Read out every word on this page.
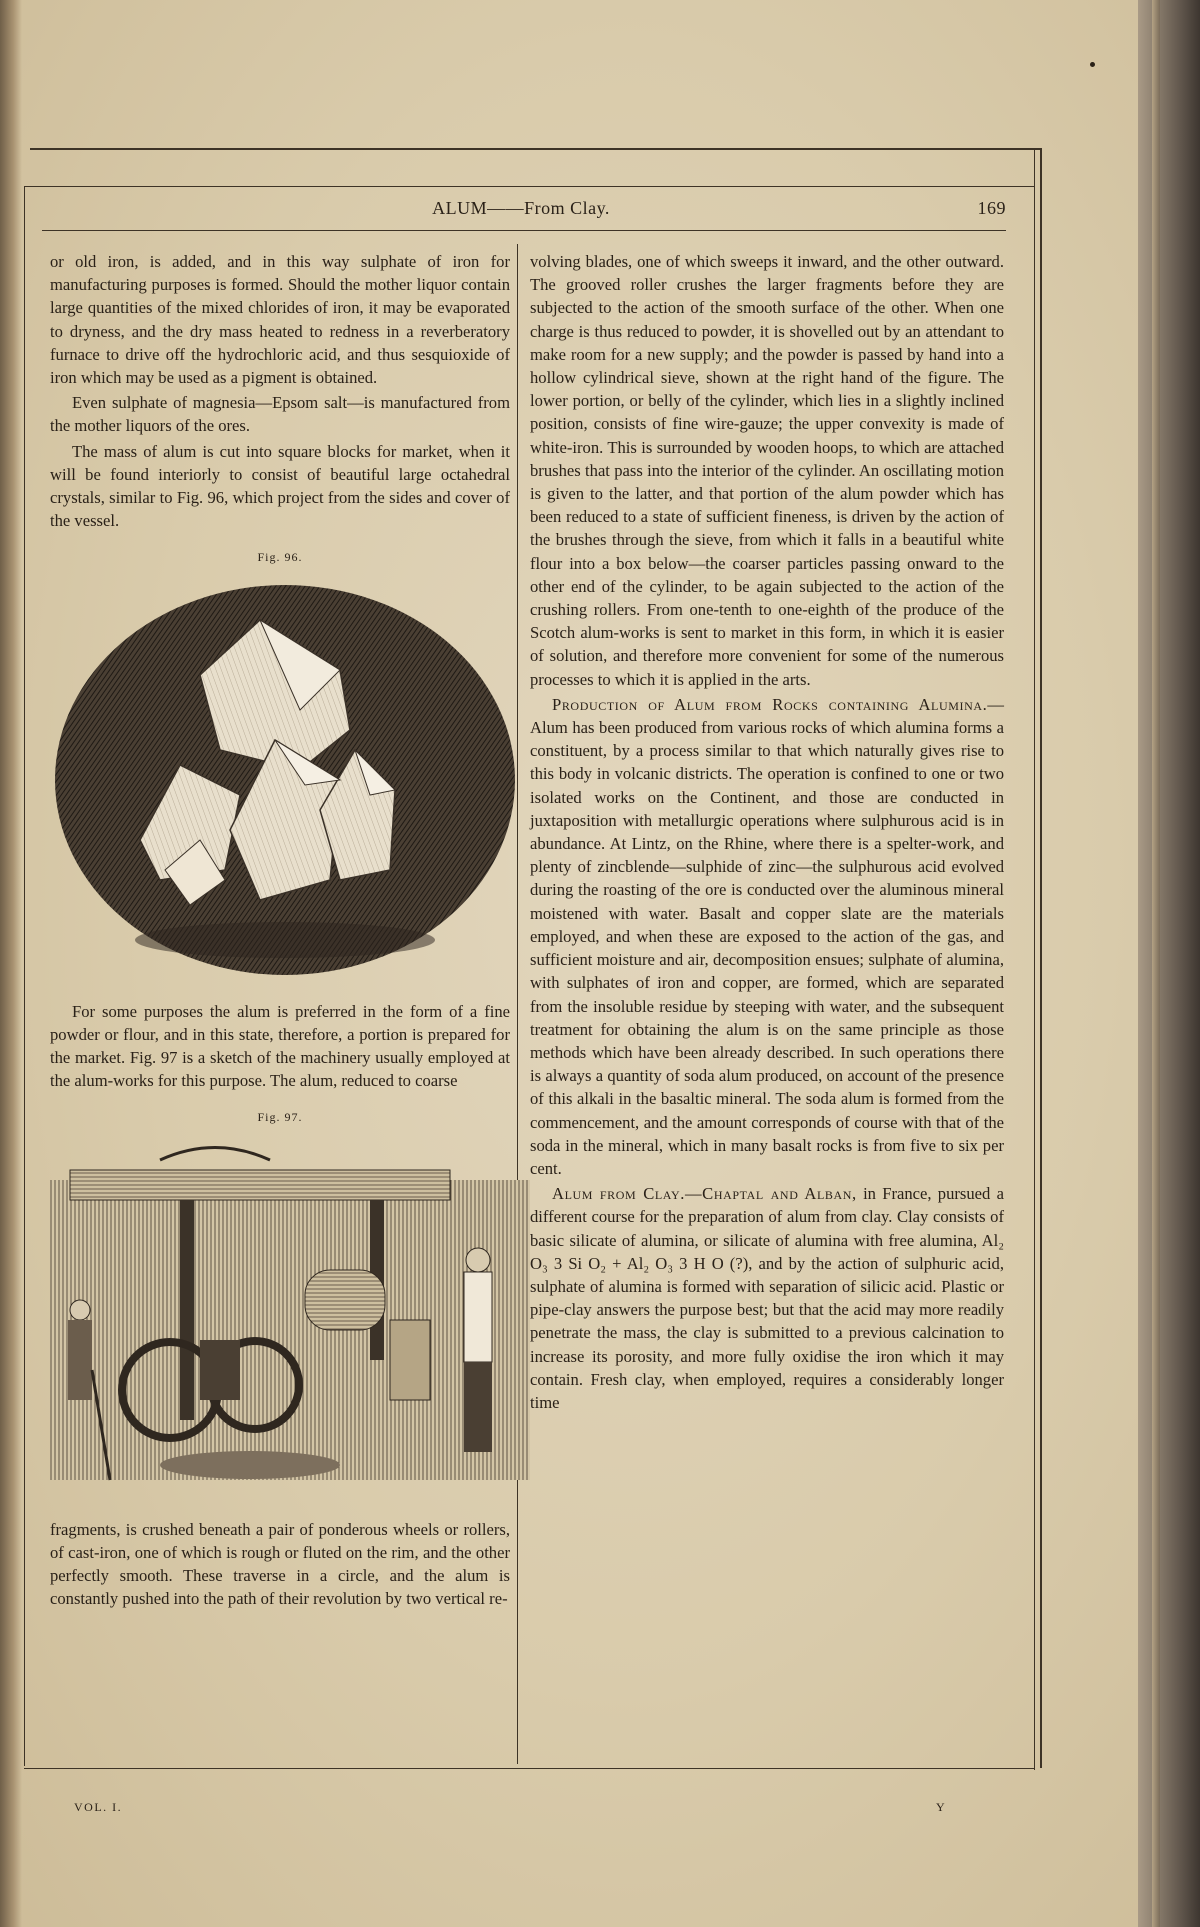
ALUM——From Clay.	169

or old iron, is added, and in this way sulphate of iron for manufacturing purposes is formed. Should the mother liquor contain large quantities of the mixed chlorides of iron, it may be evaporated to dryness, and the dry mass heated to redness in a reverberatory furnace to drive off the hydrochloric acid, and thus sesquioxide of iron which may be used as a pigment is obtained.

Even sulphate of magnesia—Epsom salt—is manufactured from the mother liquors of the ores.

The mass of alum is cut into square blocks for market, when it will be found interiorly to consist of beautiful large octahedral crystals, similar to Fig. 96, which project from the sides and cover of the vessel.

Fig. 96.

For some purposes the alum is preferred in the form of a fine powder or flour, and in this state, therefore, a portion is prepared for the market. Fig. 97 is a sketch of the machinery usually employed at the alum-works for this purpose. The alum, reduced to coarse

Fig. 97.

fragments, is crushed beneath a pair of ponderous wheels or rollers, of cast-iron, one of which is rough or fluted on the rim, and the other perfectly smooth. These traverse in a circle, and the alum is constantly pushed into the path of their revolution by two vertical re-

volving blades, one of which sweeps it inward, and the other outward. The grooved roller crushes the larger fragments before they are subjected to the action of the smooth surface of the other. When one charge is thus reduced to powder, it is shovelled out by an attendant to make room for a new supply; and the powder is passed by hand into a hollow cylindrical sieve, shown at the right hand of the figure. The lower portion, or belly of the cylinder, which lies in a slightly inclined position, consists of fine wire-gauze; the upper convexity is made of white-iron. This is surrounded by wooden hoops, to which are attached brushes that pass into the interior of the cylinder. An oscillating motion is given to the latter, and that portion of the alum powder which has been reduced to a state of sufficient fineness, is driven by the action of the brushes through the sieve, from which it falls in a beautiful white flour into a box below—the coarser particles passing onward to the other end of the cylinder, to be again subjected to the action of the crushing rollers. From one-tenth to one-eighth of the produce of the Scotch alum-works is sent to market in this form, in which it is easier of solution, and therefore more convenient for some of the numerous processes to which it is applied in the arts.

Production of Alum from Rocks containing Alumina.—Alum has been produced from various rocks of which alumina forms a constituent, by a process similar to that which naturally gives rise to this body in volcanic districts. The operation is confined to one or two isolated works on the Continent, and those are conducted in juxtaposition with metallurgic operations where sulphurous acid is in abundance. At Lintz, on the Rhine, where there is a spelter-work, and plenty of zincblende—sulphide of zinc—the sulphurous acid evolved during the roasting of the ore is conducted over the aluminous mineral moistened with water. Basalt and copper slate are the materials employed, and when these are exposed to the action of the gas, and sufficient moisture and air, decomposition ensues; sulphate of alumina, with sulphates of iron and copper, are formed, which are separated from the insoluble residue by steeping with water, and the subsequent treatment for obtaining the alum is on the same principle as those methods which have been already described. In such operations there is always a quantity of soda alum produced, on account of the presence of this alkali in the basaltic mineral. The soda alum is formed from the commencement, and the amount corresponds of course with that of the soda in the mineral, which in many basalt rocks is from five to six per cent.

Alum from Clay.—Chaptal and Alban, in France, pursued a different course for the preparation of alum from clay. Clay consists of basic silicate of alumina, or silicate of alumina with free alumina, Al₂ O₃ 3 Si O₂ + Al₂ O₃ 3 H O (?), and by the action of sulphuric acid, sulphate of alumina is formed with separation of silicic acid. Plastic or pipe-clay answers the purpose best; but that the acid may more readily penetrate the mass, the clay is submitted to a previous calcination to increase its porosity, and more fully oxidise the iron which it may contain. Fresh clay, when employed, requires a considerably longer time

VOL. I.	Y
